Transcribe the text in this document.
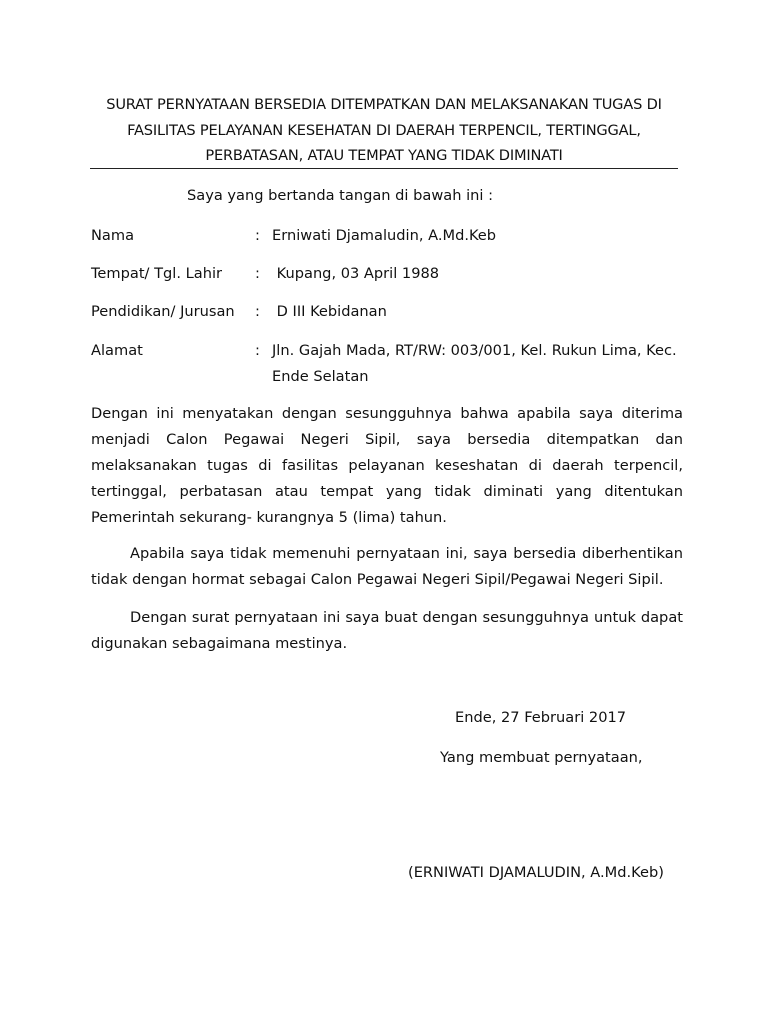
SURAT PERNYATAAN BERSEDIA DITEMPATKAN DAN MELAKSANAKAN TUGAS DI
FASILITAS PELAYANAN KESEHATAN DI DAERAH TERPENCIL, TERTINGGAL,
PERBATASAN, ATAU TEMPAT YANG TIDAK DIMINATI
Saya yang bertanda tangan di bawah ini :
Nama	: Erniwati Djamaludin, A.Md.Keb
Tempat/ Tgl. Lahir : Kupang, 03 April 1988
Pendidikan/ Jurusan : D III Kebidanan
Alamat	: Jln. Gajah Mada, RT/RW: 003/001, Kel. Rukun Lima, Kec. Ende Selatan
Dengan ini menyatakan dengan sesungguhnya bahwa apabila saya diterima menjadi Calon Pegawai Negeri Sipil, saya bersedia ditempatkan dan melaksanakan tugas di fasilitas pelayanan keseshatan di daerah terpencil, tertinggal, perbatasan atau tempat yang tidak diminati yang ditentukan Pemerintah sekurang- kurangnya 5 (lima) tahun.
Apabila saya tidak memenuhi pernyataan ini, saya bersedia diberhentikan tidak dengan hormat sebagai Calon Pegawai Negeri Sipil/Pegawai Negeri Sipil.
Dengan surat pernyataan ini saya buat dengan sesungguhnya untuk dapat digunakan sebagaimana mestinya.
Ende, 27 Februari 2017
Yang membuat pernyataan,
(ERNIWATI DJAMALUDIN, A.Md.Keb)
